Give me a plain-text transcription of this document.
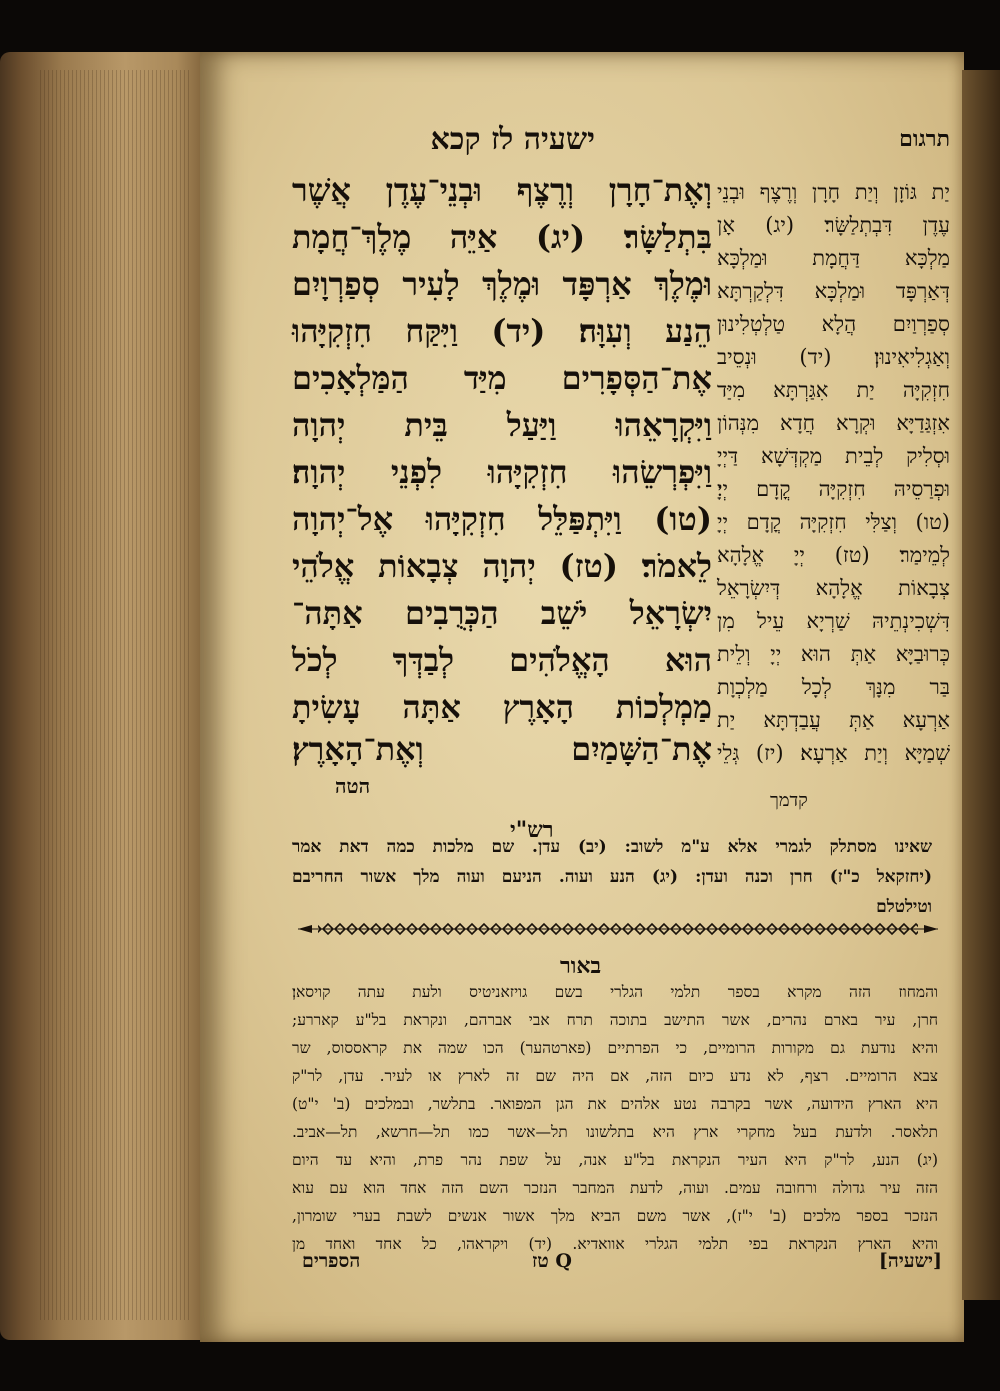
ישעיה לז קכא	תרגום
וְאֶת־חָרָן וְרֶצֶף וּבְנֵי־עֶדֶן אֲשֶׁר
בִּתְלַשָּׂר׃ (יג) אַיֵּה מֶלֶךְ־חֲמָת
וּמֶלֶךְ אַרְפָּד וּמֶלֶךְ לָעִיר סְפַרְוָיִם
הֵנַע וְעִוָּה׃ (יד) וַיִּקַּח חִזְקִיָּהוּ
אֶת־הַסְּפָרִים מִיַּד הַמַּלְאָכִים
וַיִּקְרָאֵהוּ וַיַּעַל בֵּית יְהוָה
וַיִּפְרְשֵׂהוּ חִזְקִיָּהוּ לִפְנֵי יְהוָה׃
(טו) וַיִּתְפַּלֵּל חִזְקִיָּהוּ אֶל־יְהוָה
לֵאמֹר׃ (טז) יְהוָה צְבָאוֹת אֱלֹהֵי
יִשְׂרָאֵל יֹשֵׁב הַכְּרֻבִים אַתָּה־
הוּא הָאֱלֹהִים לְבַדְּךָ לְכֹל
מַמְלְכוֹת הָאָרֶץ אַתָּה עָשִׂיתָ
אֶת־הַשָּׁמַיִם וְאֶת־הָאָרֶץ׃
הטה
יַת גּוֹזָן וְיַת חָרָן וְרֶצֶף וּבְנֵי
עֶדֶן דִּבְתְלַשָּׂר׃ (יג) אָן
מַלְכָּא דַּחֲמָת וּמַלְכָּא
דְּאַרְפָּד וּמַלְכָּא דִּלְקַרְתָּא
סְפַרְוַיִם הֲלָא טַלְטְלִינוּן
וְאַגְלִיאִינוּן׃ (יד) וּנְסֵיב
חִזְקִיָּה יַת אִגַּרְתָּא מִיַּד
אִזְגַּדַיָּא וּקְרָא חֲדָא מִנְּהוֹן
וּסְלִיק לְבֵית מַקְדְּשָׁא דַּיְיָ
וּפְרַסֵיהּ חִזְקִיָּה קֳדָם יְיָ׃
(טו) וְצַלִּי חִזְקִיָּה קֳדָם יְיָ
לְמֵימַר׃ (טז) יְיָ אֱלָהָא
צְבָאוֹת אֱלָהָא דְּיִשְׂרָאֵל
דִּשְׁכִינְתֵיהּ שַׁרְיָא עֵיל מִן
כְּרוּבַיָּא אַתְּ הוּא יְיָ וְלֵית
בַּר מִנָּךְ לְכָל מַלְכְוָת
אַרְעָא אַתְּ עֲבַדְתָּא יַת
שְׁמַיָּא וְיַת אַרְעָא׃ (יז) גְּלֵי
קדמך
רש"י
שאינו מסתלק לגמרי אלא ע"מ לשוב: (יב) עדן. שם מלכות כמה דאת אמר
(יחזקאל כ"ז) חרן וכנה ועדן: (יג) הנע ועוה. הניעם ועוה מלך אשור החריבם
וטילטלם
באור
והמחוז הזה מקרא בספר תלמי הגלרי בשם גויזאניטיס ולעת עתה קויסאן׃
חרן, עיר בארם נהרים, אשר התישב בתוכה תרח אבי אברהם, ונקראת בל"ע קאררע;
והיא נודעת גם מקורות הרומיים, כי הפרתיים (פארטהער) הכו שמה את קראססוס, שר
צבא הרומיים. רצף, לא נדע כיום הזה, אם היה שם זה לארץ או לעיר. עדן, לר"ק
היא הארץ הידועה, אשר בקרבה נטע אלהים את הגן המפואר. בתלשר, ובמלכים (ב' י"ט)
תלאסר. ולדעת בעל מחקרי ארץ היא בתלשונו תל—אשר כמו תל—חרשא, תל—אביב.
(יג) הנע, לר"ק היא העיר הנקראת בל"ע אנה, על שפת נהר פרת, והיא עד היום
הזה עיר גדולה ורחובה עמים. ועוה, לדעת המחבר הנזכר השם הזה אחד הוא עם עוא
הנזכר בספר מלכים (ב' י"ז), אשר משם הביא מלך אשור אנשים לשבת בערי שומרון,
והיא הארץ הנקראת בפי תלמי הגלרי אוואדיא. (יד) ויקראהו, כל אחד ואחד מן
[ישעיה]
טז Q
הספרים
